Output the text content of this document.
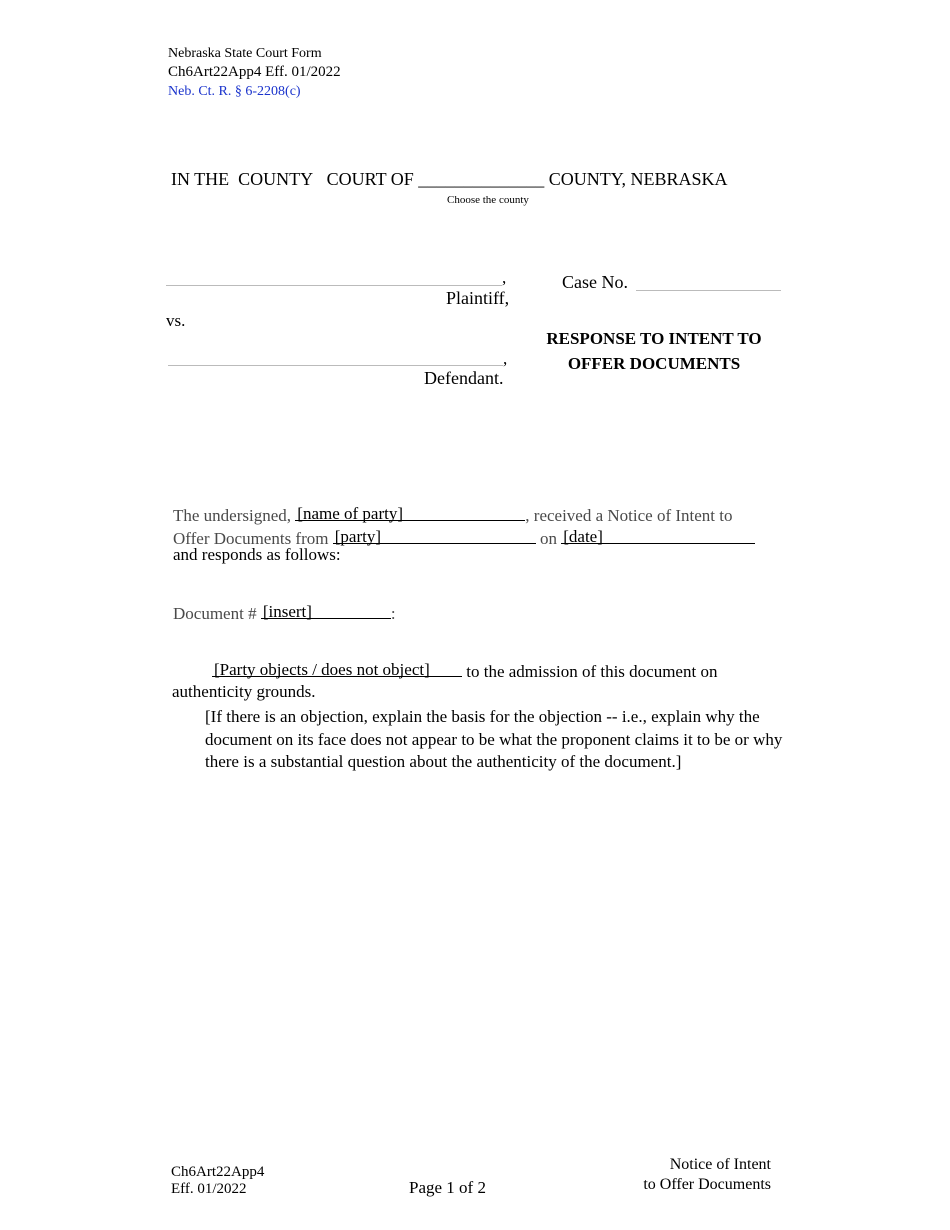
Nebraska State Court Form
Ch6Art22App4 Eff. 01/2022
Neb. Ct. R. § 6-2208(c)
IN THE COUNTY COURT OF ______________ COUNTY, NEBRASKA
Choose the county
,
Plaintiff,
vs.
,
Defendant.
Case No.
RESPONSE TO INTENT TO
OFFER DOCUMENTS
The undersigned, [name of party]	, received a Notice of Intent to
Offer Documents from [party]	on [date]
and responds as follows:
Document # [insert]	:
[Party objects / does not object] to the admission of this document on
authenticity grounds.
[If there is an objection, explain the basis for the objection -- i.e., explain why the document on its face does not appear to be what the proponent claims it to be or why there is a substantial question about the authenticity of the document.]
Ch6Art22App4
Eff. 01/2022	Page 1 of 2
Notice of Intent
to Offer Documents
